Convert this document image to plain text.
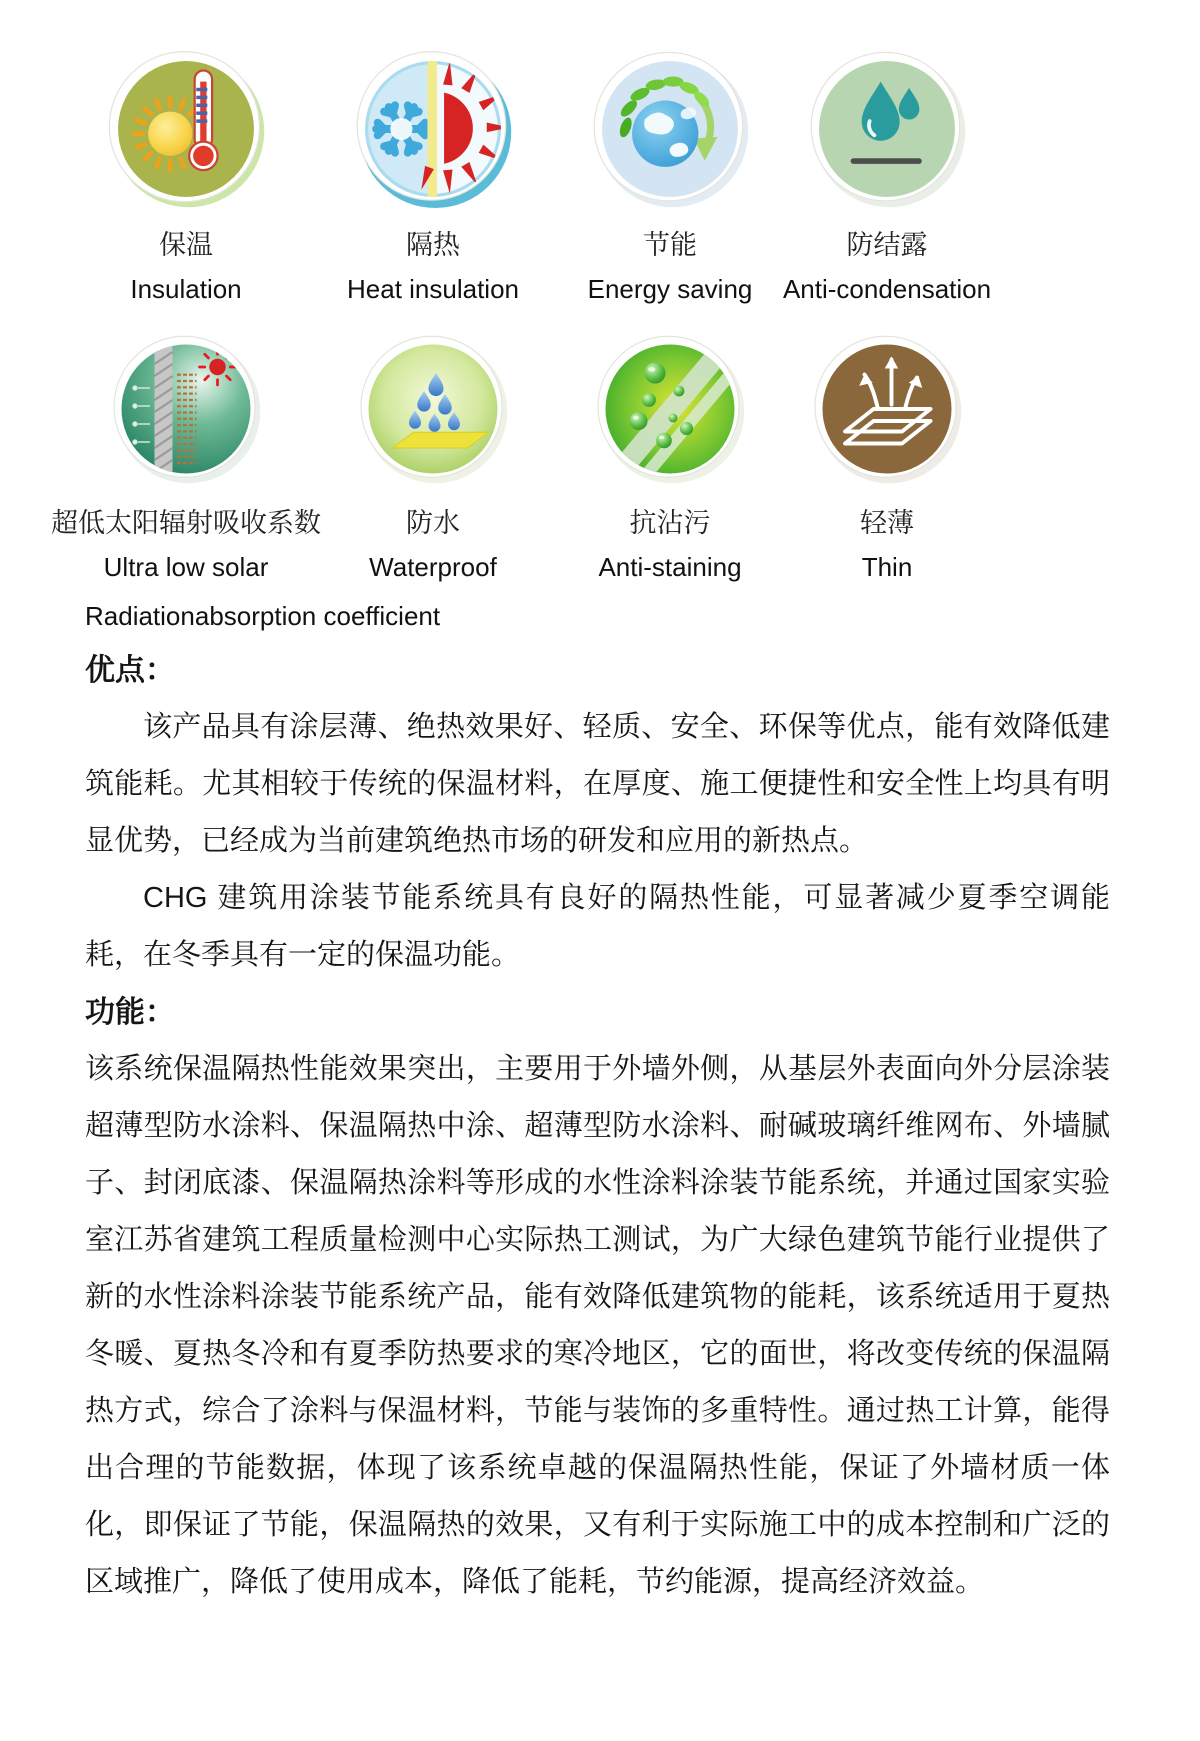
保温
Insulation
隔热
Heat insulation
节能
Energy saving
防结露
Anti-condensation
超低太阳辐射吸收系数
Ultra low solar
防水
Waterproof
抗沾污
Anti-staining
轻薄
Thin
Radiationabsorption coefficient

优点：

该产品具有涂层薄、绝热效果好、轻质、安全、环保等优点，能有效降低建筑能耗。尤其相较于传统的保温材料，在厚度、施工便捷性和安全性上均具有明显优势，已经成为当前建筑绝热市场的研发和应用的新热点。

CHG 建筑用涂装节能系统具有良好的隔热性能，可显著减少夏季空调能耗，在冬季具有一定的保温功能。

功能：

该系统保温隔热性能效果突出，主要用于外墙外侧，从基层外表面向外分层涂装超薄型防水涂料、保温隔热中涂、超薄型防水涂料、耐碱玻璃纤维网布、外墙腻子、封闭底漆、保温隔热涂料等形成的水性涂料涂装节能系统，并通过国家实验室江苏省建筑工程质量检测中心实际热工测试，为广大绿色建筑节能行业提供了新的水性涂料涂装节能系统产品，能有效降低建筑物的能耗，该系统适用于夏热冬暖、夏热冬冷和有夏季防热要求的寒冷地区，它的面世，将改变传统的保温隔热方式，综合了涂料与保温材料，节能与装饰的多重特性。通过热工计算，能得出合理的节能数据，体现了该系统卓越的保温隔热性能，保证了外墙材质一体化，即保证了节能，保温隔热的效果，又有利于实际施工中的成本控制和广泛的区域推广，降低了使用成本，降低了能耗，节约能源，提高经济效益。
